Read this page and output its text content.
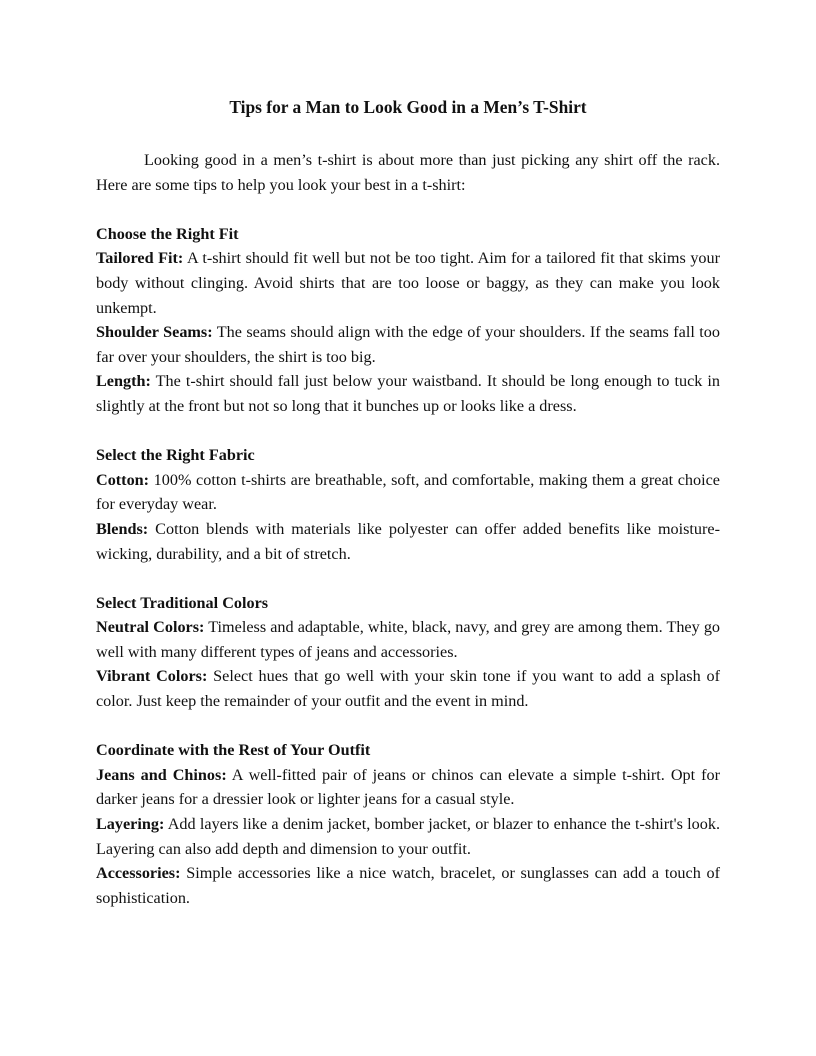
Tips for a Man to Look Good in a Men’s T-Shirt

Looking good in a men’s t-shirt is about more than just picking any shirt off the rack. Here are some tips to help you look your best in a t-shirt:

Choose the Right Fit

Tailored Fit: A t-shirt should fit well but not be too tight. Aim for a tailored fit that skims your body without clinging. Avoid shirts that are too loose or baggy, as they can make you look unkempt.

Shoulder Seams: The seams should align with the edge of your shoulders. If the seams fall too far over your shoulders, the shirt is too big.

Length: The t-shirt should fall just below your waistband. It should be long enough to tuck in slightly at the front but not so long that it bunches up or looks like a dress.

Select the Right Fabric

Cotton: 100% cotton t-shirts are breathable, soft, and comfortable, making them a great choice for everyday wear.

Blends: Cotton blends with materials like polyester can offer added benefits like moisture-wicking, durability, and a bit of stretch.

Select Traditional Colors

Neutral Colors: Timeless and adaptable, white, black, navy, and grey are among them. They go well with many different types of jeans and accessories.

Vibrant Colors: Select hues that go well with your skin tone if you want to add a splash of color. Just keep the remainder of your outfit and the event in mind.

Coordinate with the Rest of Your Outfit

Jeans and Chinos: A well-fitted pair of jeans or chinos can elevate a simple t-shirt. Opt for darker jeans for a dressier look or lighter jeans for a casual style.

Layering: Add layers like a denim jacket, bomber jacket, or blazer to enhance the t-shirt's look. Layering can also add depth and dimension to your outfit.

Accessories: Simple accessories like a nice watch, bracelet, or sunglasses can add a touch of sophistication.
